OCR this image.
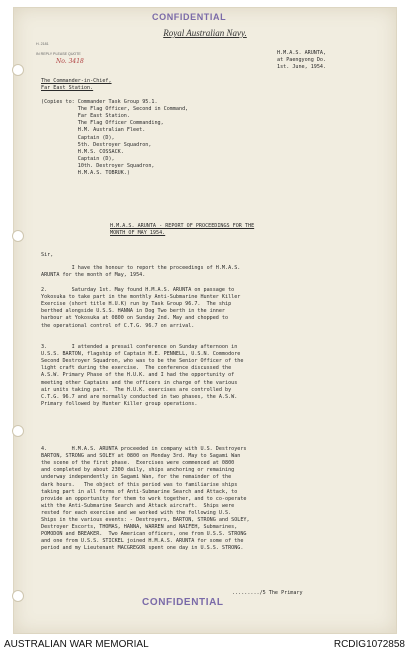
CONFIDENTIAL
Royal Australian Navy.
H. 2181
IN REPLY PLEASE QUOTE
No. 3418
H.M.A.S. ARUNTA,
at Paengyong Do.
1st. June, 1954.
The Commander-in-Chief,
Far East Station.
(Copies to: Commander Task Group 95.1.
The Flag Officer, Second in Command,
Far East Station.
The Flag Officer Commanding,
H.M. Australian Fleet.
Captain (D),
5th. Destroyer Squadron,
H.M.S. COSSACK.
Captain (D),
10th. Destroyer Squadron,
H.M.A.S. TOBRUK.)
H.M.A.S. ARUNTA - REPORT OF PROCEEDINGS FOR THE
MONTH OF MAY 1954.
Sir,
I have the honour to report the proceedings of H.M.A.S.
ARUNTA for the month of May, 1954.
2.        Saturday 1st. May found H.M.A.S. ARUNTA on passage to
Yokosuka to take part in the monthly Anti-Submarine Hunter Killer
Exercise (short title H.U.K) run by Task Group 96.7.  The ship
berthed alongside U.S.S. HANNA in Dog Two berth in the inner
harbour at Yokosuka at 0800 on Sunday 2nd. May and chopped to
the operational control of C.T.G. 96.7 on arrival.
3.        I attended a presail conference on Sunday afternoon in
U.S.S. BARTON, flagship of Captain H.E. PENNELL, U.S.N. Commodore
Second Destroyer Squadron, who was to be the Senior Officer of the
light craft during the exercise.  The conference discussed the
A.S.W. Primary Phase of the H.U.K. and I had the opportunity of
meeting other Captains and the officers in charge of the various
air units taking part.  The H.U.K. exercises are controlled by
C.T.G. 96.7 and are normally conducted in two phases, the A.S.W.
Primary followed by Hunter Killer group operations.
4.        H.M.A.S. ARUNTA proceeded in company with U.S. Destroyers
BARTON, STRONG and SOLEY at 0800 on Monday 3rd. May to Sagami Wan
the scene of the first phase.  Exercises were commenced at 0800
and completed by about 2300 daily, ships anchoring or remaining
underway independently in Sagami Wan, for the remainder of the
dark hours.   The object of this period was to familiarise ships
taking part in all forms of Anti-Submarine Search and Attack, to
provide an opportunity for them to work together, and to co-operate
with the Anti-Submarine Search and Attack aircraft.  Ships were
rested for each exercise and we worked with the following U.S.
Ships in the various events: - Destroyers, BARTON, STRONG and SOLEY,
Destroyer Escorts, THOMAS, HANNA, WARREN and NAIFEH, Submarines,
POMODON and BREAKER.  Two American officers, one from U.S.S. STRONG
and one from U.S.S. STICKEL joined H.M.A.S. ARUNTA for some of the
period and my Lieutenant MACGREGOR spent one day in U.S.S. STRONG.
........./5 The Primary
CONFIDENTIAL
AUSTRALIAN WAR MEMORIAL	RCDIG1072858
